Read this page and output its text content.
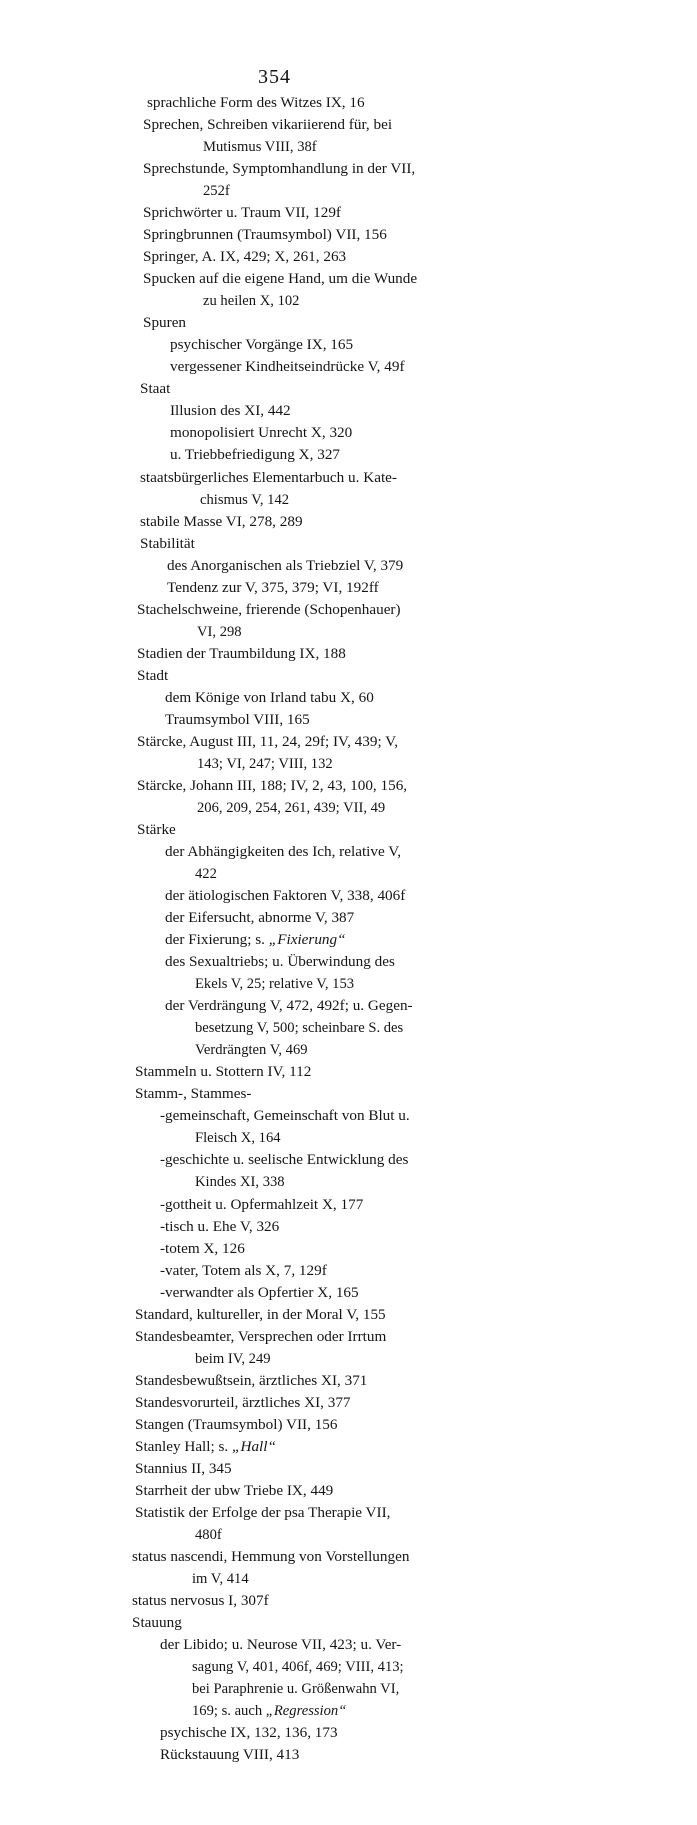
354
sprachliche Form des Witzes IX, 16
Sprechen, Schreiben vikariierend für, bei
Mutismus VIII, 38f
Sprechstunde, Symptomhandlung in der VII,
252f
Sprichwörter u. Traum VII, 129f
Springbrunnen (Traumsymbol) VII, 156
Springer, A. IX, 429; X, 261, 263
Spucken auf die eigene Hand, um die Wunde
zu heilen X, 102
Spuren
psychischer Vorgänge IX, 165
vergessener Kindheitseindrücke V, 49f
Staat
Illusion des XI, 442
monopolisiert Unrecht X, 320
u. Triebbefriedigung X, 327
staatsbürgerliches Elementarbuch u. Kate-
chismus V, 142
stabile Masse VI, 278, 289
Stabilität
des Anorganischen als Triebziel V, 379
Tendenz zur V, 375, 379; VI, 192ff
Stachelschweine, frierende (Schopenhauer)
VI, 298
Stadien der Traumbildung IX, 188
Stadt
dem Könige von Irland tabu X, 60
Traumsymbol VIII, 165
Stärcke, August III, 11, 24, 29f; IV, 439; V,
143; VI, 247; VIII, 132
Stärcke, Johann III, 188; IV, 2, 43, 100, 156,
206, 209, 254, 261, 439; VII, 49
Stärke
der Abhängigkeiten des Ich, relative V,
422
der ätiologischen Faktoren V, 338, 406f
der Eifersucht, abnorme V, 387
der Fixierung; s. „Fixierung“
des Sexualtriebs; u. Überwindung des
Ekels V, 25; relative V, 153
der Verdrängung V, 472, 492f; u. Gegen-
besetzung V, 500; scheinbare S. des
Verdrängten V, 469
Stammeln u. Stottern IV, 112
Stamm-, Stammes-
-gemeinschaft, Gemeinschaft von Blut u.
Fleisch X, 164
-geschichte u. seelische Entwicklung des
Kindes XI, 338
-gottheit u. Opfermahlzeit X, 177
-tisch u. Ehe V, 326
-totem X, 126
-vater, Totem als X, 7, 129f
-verwandter als Opfertier X, 165
Standard, kultureller, in der Moral V, 155
Standesbeamter, Versprechen oder Irrtum
beim IV, 249
Standesbewußtsein, ärztliches XI, 371
Standesvorurteil, ärztliches XI, 377
Stangen (Traumsymbol) VII, 156
Stanley Hall; s. „Hall“
Stannius II, 345
Starrheit der ubw Triebe IX, 449
Statistik der Erfolge der psa Therapie VII,
480f
status nascendi, Hemmung von Vorstellungen
im V, 414
status nervosus I, 307f
Stauung
der Libido; u. Neurose VII, 423; u. Ver-
sagung V, 401, 406f, 469; VIII, 413;
bei Paraphrenie u. Größenwahn VI,
169; s. auch „Regression“
psychische IX, 132, 136, 173
Rückstauung VIII, 413
